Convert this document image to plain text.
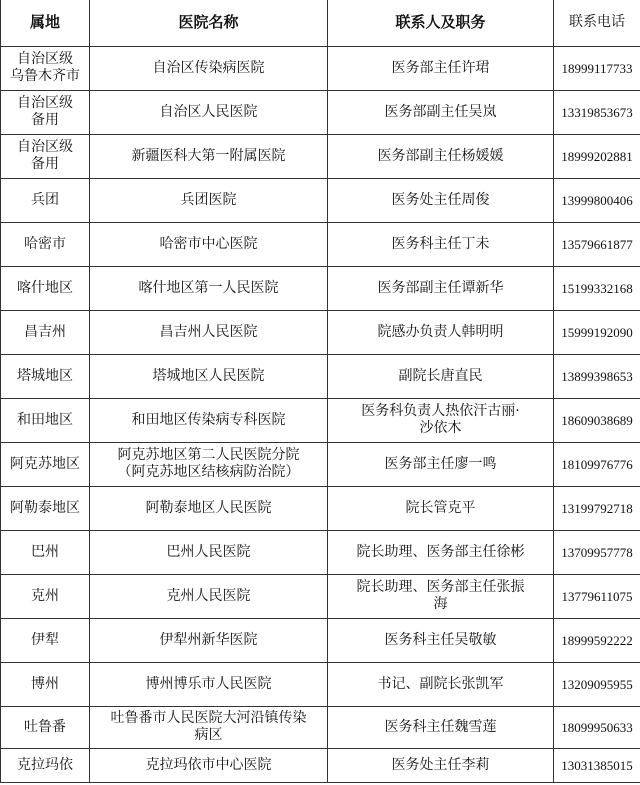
属地	医院名称	联系人及职务	联系电话

自治区级
乌鲁木齐市	自治区传染病医院	医务部主任许珺	18999117733

自治区级
备用	自治区人民医院	医务部副主任吴岚	13319853673

自治区级
备用	新疆医科大第一附属医院	医务部副主任杨媛媛	18999202881

兵团	兵团医院	医务处主任周俊	13999800406

哈密市	哈密市中心医院	医务科主任丁未	13579661877

喀什地区	喀什地区第一人民医院	医务部副主任谭新华	15199332168

昌吉州	昌吉州人民医院	院感办负责人韩明明	15999192090

塔城地区	塔城地区人民医院	副院长唐直民	13899398653

和田地区	和田地区传染病专科医院	医务科负责人热依汗古丽·
沙依木	18609038689

阿克苏地区	阿克苏地区第二人民医院分院
（阿克苏地区结核病防治院）	医务部主任廖一鸣	18109976776

阿勒泰地区	阿勒泰地区人民医院	院长管克平	13199792718

巴州	巴州人民医院	院长助理、医务部主任徐彬	13709957778

克州	克州人民医院	院长助理、医务部主任张振
海	13779611075

伊犁	伊犁州新华医院	医务科主任吴敬敏	18999592222

博州	博州博乐市人民医院	书记、副院长张凯军	13209095955

吐鲁番	吐鲁番市人民医院大河沿镇传染
病区	医务科主任魏雪莲	18099950633

克拉玛依	克拉玛依市中心医院	医务处主任李莉	13031385015
